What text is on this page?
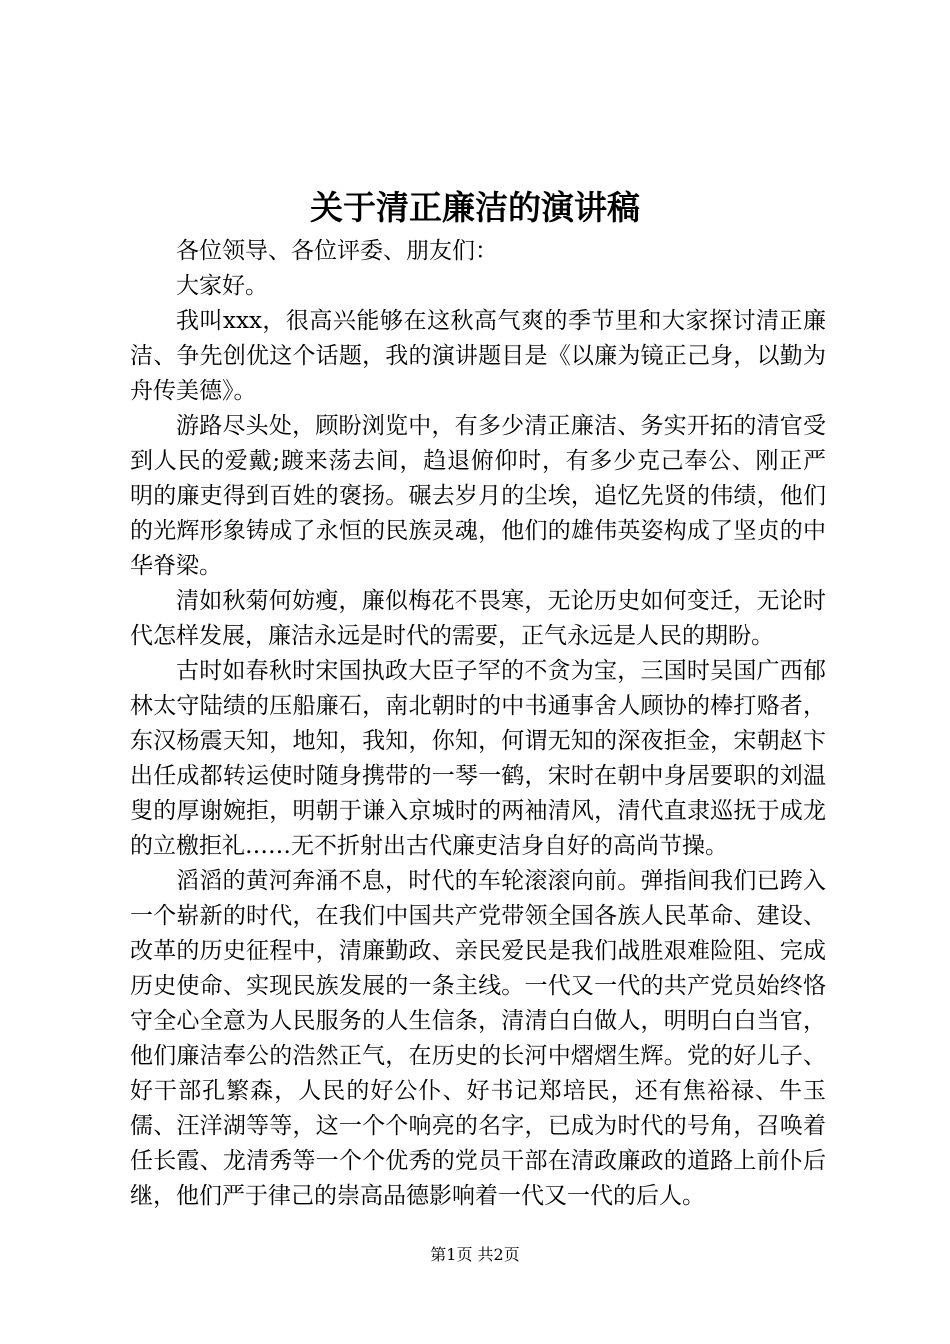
关于清正廉洁的演讲稿

各位领导、各位评委、朋友们：

大家好。

我叫xxx，很高兴能够在这秋高气爽的季节里和大家探讨清正廉洁、争先创优这个话题，我的演讲题目是《以廉为镜正己身，以勤为舟传美德》。

游路尽头处，顾盼浏览中，有多少清正廉洁、务实开拓的清官受到人民的爱戴;踱来荡去间，趋退俯仰时，有多少克己奉公、刚正严明的廉吏得到百姓的褒扬。碾去岁月的尘埃，追忆先贤的伟绩，他们的光辉形象铸成了永恒的民族灵魂，他们的雄伟英姿构成了坚贞的中华脊梁。

清如秋菊何妨瘦，廉似梅花不畏寒，无论历史如何变迁，无论时代怎样发展，廉洁永远是时代的需要，正气永远是人民的期盼。

古时如春秋时宋国执政大臣子罕的不贪为宝，三国时吴国广西郁林太守陆绩的压船廉石，南北朝时的中书通事舍人顾协的棒打赂者，东汉杨震天知，地知，我知，你知，何谓无知的深夜拒金，宋朝赵卞出任成都转运使时随身携带的一琴一鹤，宋时在朝中身居要职的刘温叟的厚谢婉拒，明朝于谦入京城时的两袖清风，清代直隶巡抚于成龙的立檄拒礼……无不折射出古代廉吏洁身自好的高尚节操。

滔滔的黄河奔涌不息，时代的车轮滚滚向前。弹指间我们已跨入一个崭新的时代，在我们中国共产党带领全国各族人民革命、建设、改革的历史征程中，清廉勤政、亲民爱民是我们战胜艰难险阻、完成历史使命、实现民族发展的一条主线。一代又一代的共产党员始终恪守全心全意为人民服务的人生信条，清清白白做人，明明白白当官，他们廉洁奉公的浩然正气，在历史的长河中熠熠生辉。党的好儿子、好干部孔繁森，人民的好公仆、好书记郑培民，还有焦裕禄、牛玉儒、汪洋湖等等，这一个个响亮的名字，已成为时代的号角，召唤着任长霞、龙清秀等一个个优秀的党员干部在清政廉政的道路上前仆后继，他们严于律己的崇高品德影响着一代又一代的后人。

第1页 共2页
